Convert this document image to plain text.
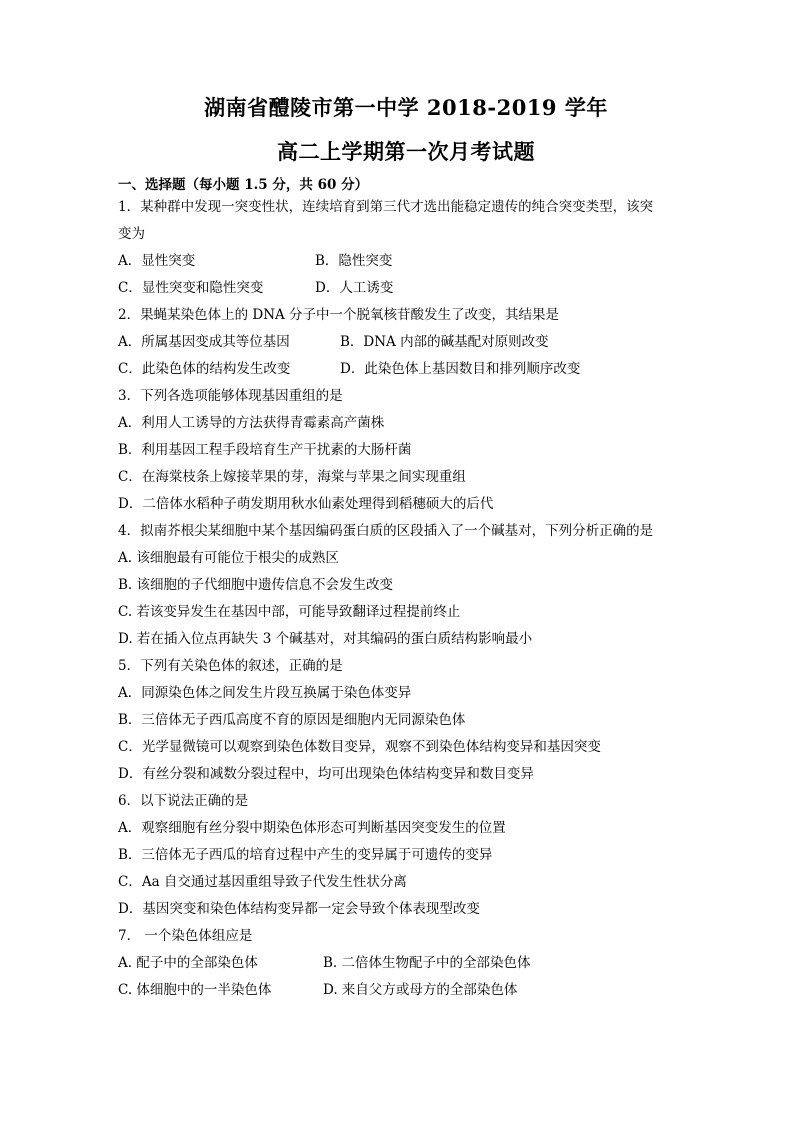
湖南省醴陵市第一中学 2018-2019 学年
高二上学期第一次月考试题
一、选择题（每小题 1.5 分，共 60 分）
1．某种群中发现一突变性状，连续培育到第三代才选出能稳定遗传的纯合突变类型，该突
变为
A．显性突变	B．隐性突变
C．显性突变和隐性突变	D．人工诱变
2．果蝇某染色体上的 DNA 分子中一个脱氧核苷酸发生了改变，其结果是
A．所属基因变成其等位基因	B．DNA 内部的碱基配对原则改变
C．此染色体的结构发生改变	D．此染色体上基因数目和排列顺序改变
3．下列各选项能够体现基因重组的是
A．利用人工诱导的方法获得青霉素高产菌株
B．利用基因工程手段培育生产干扰素的大肠杆菌
C．在海棠枝条上嫁接苹果的芽，海棠与苹果之间实现重组
D．二倍体水稻种子萌发期用秋水仙素处理得到稻穗硕大的后代
4．拟南芥根尖某细胞中某个基因编码蛋白质的区段插入了一个碱基对，下列分析正确的是
A. 该细胞最有可能位于根尖的成熟区
B. 该细胞的子代细胞中遗传信息不会发生改变
C. 若该变异发生在基因中部，可能导致翻译过程提前终止
D. 若在插入位点再缺失 3 个碱基对，对其编码的蛋白质结构影响最小
5．下列有关染色体的叙述，正确的是
A．同源染色体之间发生片段互换属于染色体变异
B．三倍体无子西瓜高度不育的原因是细胞内无同源染色体
C．光学显微镜可以观察到染色体数目变异，观察不到染色体结构变异和基因突变
D．有丝分裂和减数分裂过程中，均可出现染色体结构变异和数目变异
6．以下说法正确的是
A．观察细胞有丝分裂中期染色体形态可判断基因突变发生的位置
B．三倍体无子西瓜的培育过程中产生的变异属于可遗传的变异
C．Aa 自交通过基因重组导致子代发生性状分离
D．基因突变和染色体结构变异都一定会导致个体表现型改变
7． 一个染色体组应是
A. 配子中的全部染色体	B. 二倍体生物配子中的全部染色体
C. 体细胞中的一半染色体	D. 来自父方或母方的全部染色体
